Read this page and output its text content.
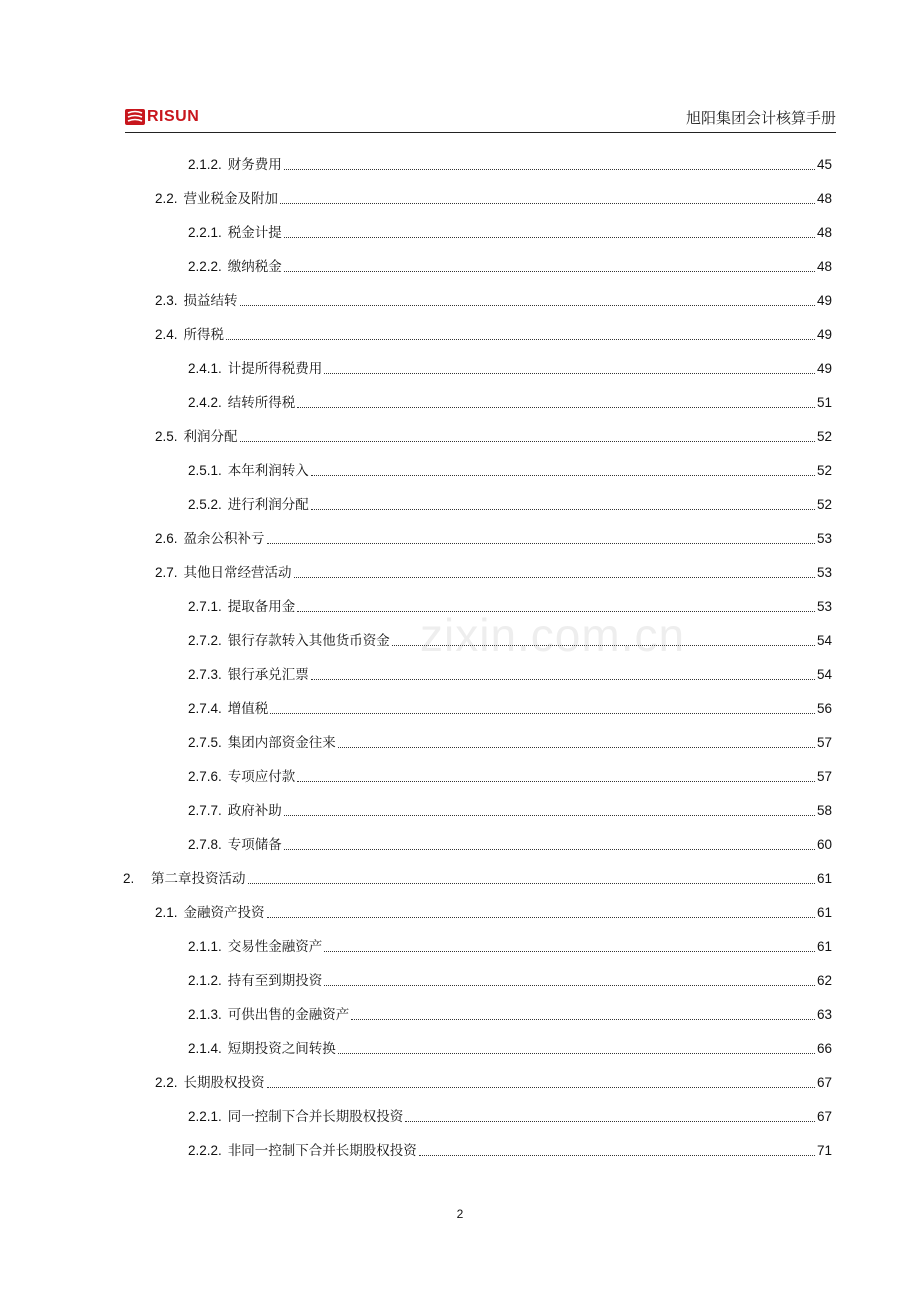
RISUN	旭阳集团会计核算手册
2.1.2. 财务费用	45
2.2. 营业税金及附加	48
2.2.1. 税金计提	48
2.2.2. 缴纳税金	48
2.3. 损益结转	49
2.4. 所得税	49
2.4.1. 计提所得税费用	49
2.4.2. 结转所得税	51
2.5. 利润分配	52
2.5.1. 本年利润转入	52
2.5.2. 进行利润分配	52
2.6. 盈余公积补亏	53
2.7. 其他日常经营活动	53
2.7.1. 提取备用金	53
2.7.2. 银行存款转入其他货币资金	54
2.7.3. 银行承兑汇票	54
2.7.4. 增值税	56
2.7.5. 集团内部资金往来	57
2.7.6. 专项应付款	57
2.7.7. 政府补助	58
2.7.8. 专项储备	60
2.	第二章投资活动	61
2.1. 金融资产投资	61
2.1.1. 交易性金融资产	61
2.1.2. 持有至到期投资	62
2.1.3. 可供出售的金融资产	63
2.1.4. 短期投资之间转换	66
2.2. 长期股权投资	67
2.2.1. 同一控制下合并长期股权投资	67
2.2.2. 非同一控制下合并长期股权投资	71
zixin.com.cn
2
